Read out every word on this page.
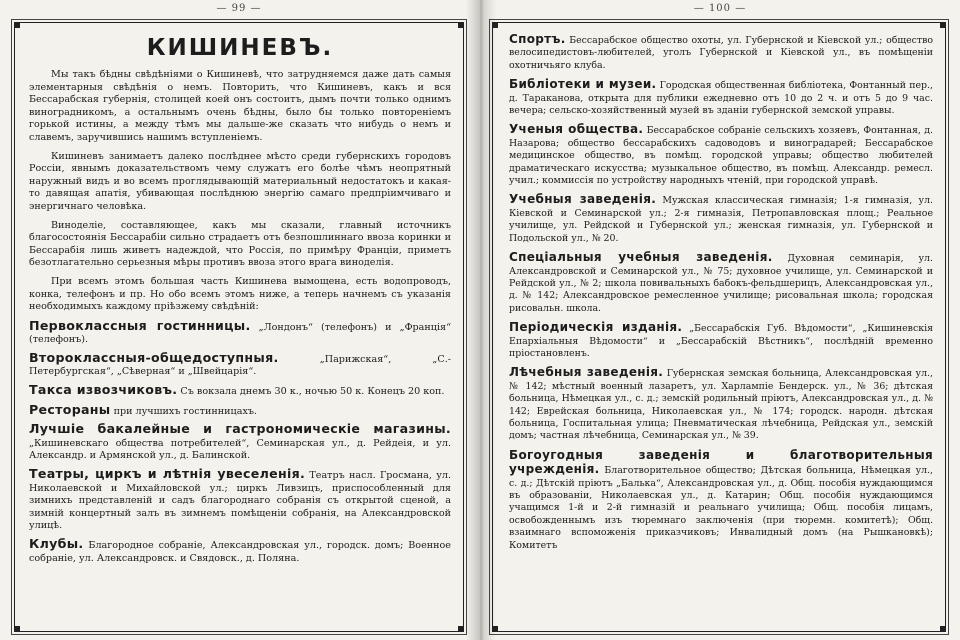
— 99 —
КИШИНЕВЪ.

Мы такъ бѣдны свѣдѣніями о Кишиневѣ, что затрудняемся даже дать самыя элементарныя свѣдѣнія о немъ. Повторить, что Кишиневъ, какъ и вся Бессарабская губернія, столицей коей онъ состоитъ, дымъ почти только однимъ виноградникомъ, а остальнымъ очень бѣдны, было бы только повтореніемъ горькой истины, а между тѣмъ мы дальше-же сказать что нибудь о немъ и славемъ, заручившись нашимъ вступленіемъ.

Кишиневъ занимаетъ далеко послѣднее мѣсто среди губернскихъ городовъ Россіи, явнымъ доказательствомъ чему служатъ его болѣе чѣмъ неопрятный наружный видъ и во всемъ проглядывающій материальный недостатокъ и какая-то давящая апатія, убивающая послѣднюю энергію самаго предпріимчиваго и энергичнаго человѣка.

Виноделіе, составляющее, какъ мы сказали, главный источникъ благосостоянія Бессарабіи сильно страдаетъ отъ безпошлиннаго ввоза коринки и Бессарабія лишь живетъ надеждой, что Россія, по примѣру Франціи, приметъ безотлагательно серьезныя мѣры противъ ввоза этого врага виноделія.

При всемъ этомъ большая часть Кишинева вымощена, есть водопроводъ, конка, телефонъ и пр. Но обо всемъ этомъ ниже, а теперь начнемъ съ указанія необходимыхъ каждому пріѣзжему свѣдѣній:

Первоклассныя гостинницы. „Лондонъ“ (телефонъ) и „Франція“ (телефонъ).
Второклассныя-общедоступныя.	„Парижская“, „С.-Петербургская“, „Сѣверная“ и „Швейцарія“.
Такса извозчиковъ. Съ вокзала днемъ 30 к., ночью 50 к. Конецъ 20 коп.
Рестораны при лучшихъ гостинницахъ.
Лучшіе бакалейные и гастрономическіе магазины. „Кишиневскаго общества потребителей“, Семинарская ул., д. Рейдеія, и ул. Александр. и Армянской ул., д. Балинской.
Театры, циркъ и лѣтнія увеселенія. Театръ насл. Гросмана, ул. Николаевской и Михайловской ул.; циркъ Ливзицъ, приспособленный для зимнихъ представленій и садъ благороднаго собранія съ открытой сценой, а зимній концертный залъ въ зимнемъ помѣщеніи собранія, на Александровской улицѣ.
Клубы. Благородное собраніе, Александровская ул., городск. домъ; Военное собраніе, ул. Александровск. и Свядовск., д. Поляна.
— 100 —
Спортъ. Бессарабское общество охоты, ул. Губернской и Кіевской ул.; общество велосипедистовъ-любителей, уголъ Губернской и Кіевской ул., въ помѣщеніи охотничьяго клуба.
Библіотеки и музеи. Городская общественная библіотека, Фонтанный пер., д. Тараканова, открыта для публики ежедневно отъ 10 до 2 ч. и отъ 5 до 9 час. вечера; сельско-хозяйственный музей въ зданіи губернской земской управы.
Ученыя общества. Бессарабское собраніе сельскихъ хозяевъ, Фонтанная, д. Назарова; общество бессарабскихъ садоводовъ и виноградарей; Бессарабское медицинское общество, въ помѣщ. городской управы; общество любителей драматическаго искусства; музыкальное общество, въ помѣщ. Александр. ремесл. учил.; коммиссія по устройству народныхъ чтеній, при городской управѣ.
Учебныя заведенія. Мужская классическая гимназія; 1-я гимназія, ул. Кіевской и Семинарской ул.; 2-я гимназія, Петропавловская площ.; Реальное училище, ул. Рейдской и Губернской ул.; женская гимназія, ул. Губернской и Подольской ул., № 20.
Спеціальныя учебныя заведенія. Духовная семинарія, ул. Александровской и Семинарской ул., № 75; духовное училище, ул. Семинарской и Рейдской ул., № 2; школа повивальныхъ бабокъ-фельдшерицъ, Александровская ул., д. № 142; Александровское ремесленное училище; рисовальная школа; городская рисовальн. школа.
Періодическія изданія. „Бессарабскія Губ. Вѣдомости“, „Кишиневскія Епархіальныя Вѣдомости“ и „Бессарабскій Вѣстникъ“, послѣдній временно пріостановленъ.
Лѣчебныя заведенія. Губернская земская больница, Александровская ул., № 142; мѣстный военный лазаретъ, ул. Харлампіе Бендерск. ул., № 36; дѣтская больница, Нѣмецкая ул., с. д.; земскій родильный пріютъ, Александровская ул., д. № 142; Еврейская больница, Николаевская ул., № 174; городск. народн. дѣтская больница, Госпитальная улица; Пневматическая лѣчебница, Рейдская ул., земскій домъ; частная лѣчебница, Семинарская ул., № 39.
Богоугодныя заведенія и благотворительныя учрежденія. Благотворительное общество; Дѣтская больница, Нѣмецкая ул., с. д.; Дѣтскій пріютъ „Балька“, Александровская ул., д. Общ. пособія нуждающимся въ образованіи, Николаевская ул., д. Катарин; Общ. пособія нуждающимся учащимся 1-й и 2-й гимназій и реальнаго училища; Общ. пособія лицамъ, освобожденнымъ изъ тюремнаго заключенія (при тюремн. комитетѣ); Общ. взаимнаго вспоможенія приказчиковъ; Инвалидный домъ (на Рышкановкѣ); Комитетъ
